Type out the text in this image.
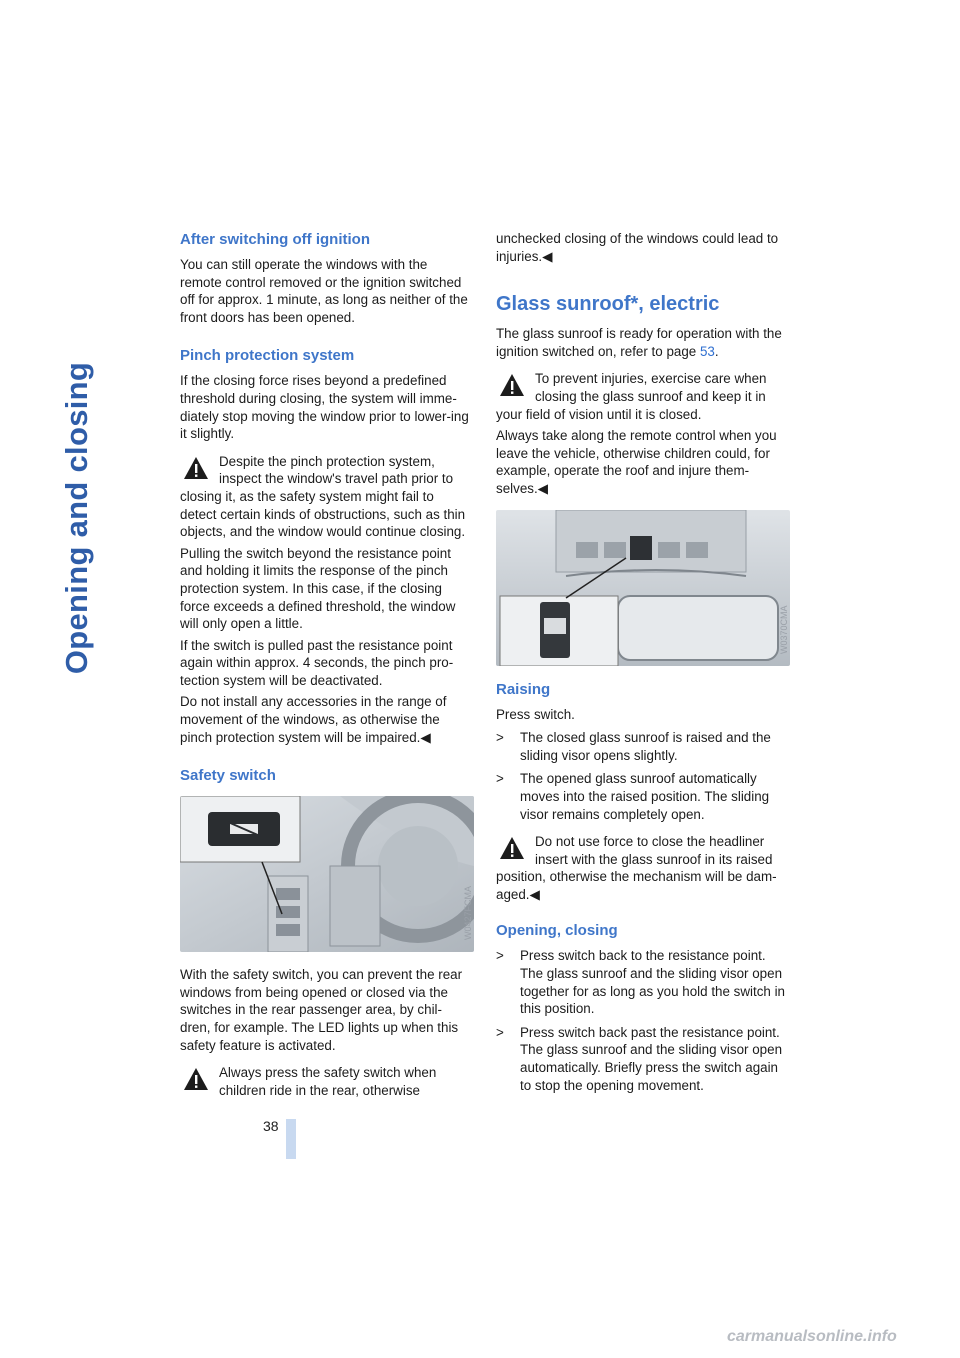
Opening and closing
After switching off ignition

You can still operate the windows with the remote control removed or the ignition switched off for approx. 1 minute, as long as neither of the front doors has been opened.

Pinch protection system

If the closing force rises beyond a predefined threshold during closing, the system will imme-diately stop moving the window prior to lower-ing it slightly.

Despite the pinch protection system, inspect the window's travel path prior to closing it, as the safety system might fail to detect certain kinds of obstructions, such as thin objects, and the window would continue closing.

Pulling the switch beyond the resistance point and holding it limits the response of the pinch protection system. In this case, if the closing force exceeds a defined threshold, the window will only open a little.

If the switch is pulled past the resistance point again within approx. 4 seconds, the pinch pro-tection system will be deactivated.

Do not install any accessories in the range of movement of the windows, as otherwise the pinch protection system will be impaired.◀

Safety switch
W0427FCMA

With the safety switch, you can prevent the rear windows from being opened or closed via the switches in the rear passenger area, by chil-dren, for example. The LED lights up when this safety feature is activated.

Always press the safety switch when children ride in the rear, otherwise

unchecked closing of the windows could lead to injuries.◀

Glass sunroof*, electric

The glass sunroof is ready for operation with the ignition switched on, refer to page 53.

To prevent injuries, exercise care when closing the glass sunroof and keep it in your field of vision until it is closed.

Always take along the remote control when you leave the vehicle, otherwise children could, for example, operate the roof and injure them-selves.◀

W0370CMA
Raising

Press switch.

> The closed glass sunroof is raised and the sliding visor opens slightly.
> The opened glass sunroof automatically moves into the raised position. The sliding visor remains completely open.

Do not use force to close the headliner insert with the glass sunroof in its raised position, otherwise the mechanism will be dam-aged.◀

Opening, closing
> Press switch back to the resistance point. The glass sunroof and the sliding visor open together for as long as you hold the switch in this position.
> Press switch back past the resistance point. The glass sunroof and the sliding visor open automatically. Briefly press the switch again to stop the opening movement.
38
carmanualsonline.info
